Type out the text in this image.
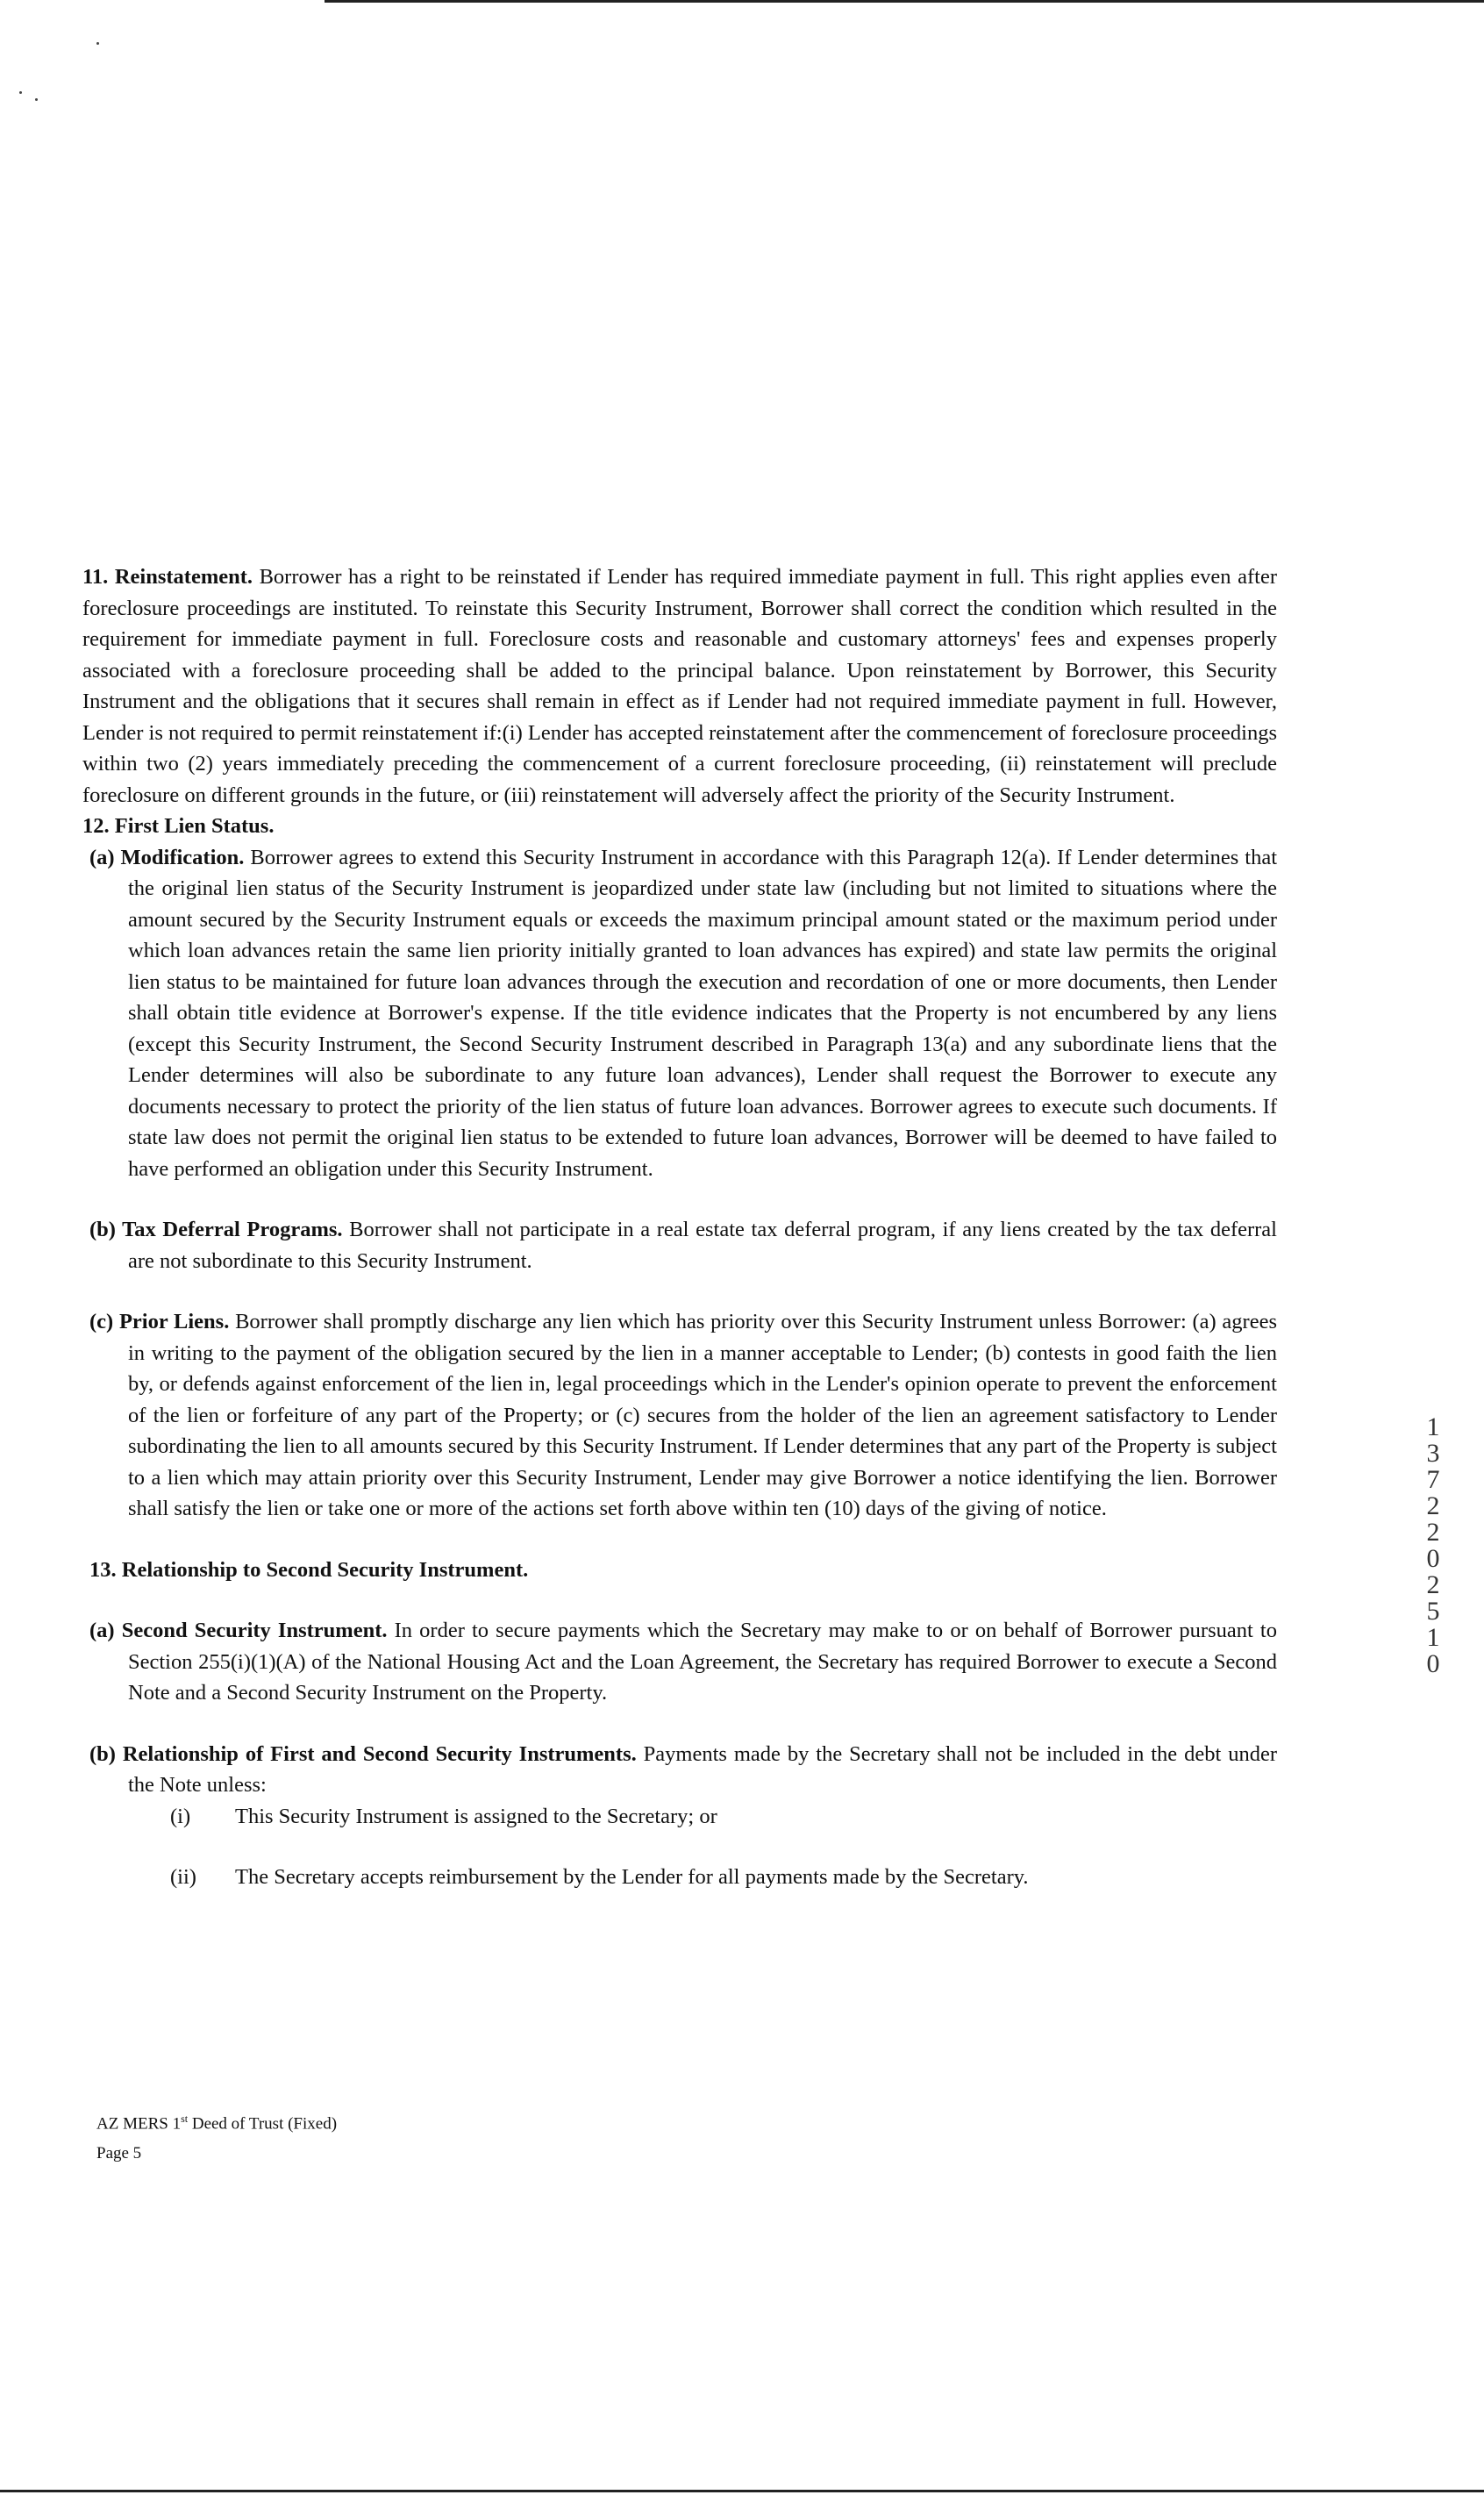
11. Reinstatement. Borrower has a right to be reinstated if Lender has required immediate payment in full. This right applies even after foreclosure proceedings are instituted. To reinstate this Security Instrument, Borrower shall correct the condition which resulted in the requirement for immediate payment in full. Foreclosure costs and reasonable and customary attorneys' fees and expenses properly associated with a foreclosure proceeding shall be added to the principal balance. Upon reinstatement by Borrower, this Security Instrument and the obligations that it secures shall remain in effect as if Lender had not required immediate payment in full. However, Lender is not required to permit reinstatement if:(i) Lender has accepted reinstatement after the commencement of foreclosure proceedings within two (2) years immediately preceding the commencement of a current foreclosure proceeding, (ii) reinstatement will preclude foreclosure on different grounds in the future, or (iii) reinstatement will adversely affect the priority of the Security Instrument.

12. First Lien Status.

(a) Modification. Borrower agrees to extend this Security Instrument in accordance with this Paragraph 12(a). If Lender determines that the original lien status of the Security Instrument is jeopardized under state law (including but not limited to situations where the amount secured by the Security Instrument equals or exceeds the maximum principal amount stated or the maximum period under which loan advances retain the same lien priority initially granted to loan advances has expired) and state law permits the original lien status to be maintained for future loan advances through the execution and recordation of one or more documents, then Lender shall obtain title evidence at Borrower's expense. If the title evidence indicates that the Property is not encumbered by any liens (except this Security Instrument, the Second Security Instrument described in Paragraph 13(a) and any subordinate liens that the Lender determines will also be subordinate to any future loan advances), Lender shall request the Borrower to execute any documents necessary to protect the priority of the lien status of future loan advances. Borrower agrees to execute such documents. If state law does not permit the original lien status to be extended to future loan advances, Borrower will be deemed to have failed to have performed an obligation under this Security Instrument.

(b) Tax Deferral Programs. Borrower shall not participate in a real estate tax deferral program, if any liens created by the tax deferral are not subordinate to this Security Instrument.

(c) Prior Liens. Borrower shall promptly discharge any lien which has priority over this Security Instrument unless Borrower: (a) agrees in writing to the payment of the obligation secured by the lien in a manner acceptable to Lender; (b) contests in good faith the lien by, or defends against enforcement of the lien in, legal proceedings which in the Lender's opinion operate to prevent the enforcement of the lien or forfeiture of any part of the Property; or (c) secures from the holder of the lien an agreement satisfactory to Lender subordinating the lien to all amounts secured by this Security Instrument. If Lender determines that any part of the Property is subject to a lien which may attain priority over this Security Instrument, Lender may give Borrower a notice identifying the lien. Borrower shall satisfy the lien or take one or more of the actions set forth above within ten (10) days of the giving of notice.

13. Relationship to Second Security Instrument.

(a) Second Security Instrument. In order to secure payments which the Secretary may make to or on behalf of Borrower pursuant to Section 255(i)(1)(A) of the National Housing Act and the Loan Agreement, the Secretary has required Borrower to execute a Second Note and a Second Security Instrument on the Property.

(b) Relationship of First and Second Security Instruments. Payments made by the Secretary shall not be included in the debt under the Note unless:

(i)	This Security Instrument is assigned to the Secretary; or
(ii)	The Secretary accepts reimbursement by the Lender for all payments made by the Secretary.
1
3
7
2
2
0
2
5
1
0
AZ MERS 1st Deed of Trust (Fixed)
Page 5
